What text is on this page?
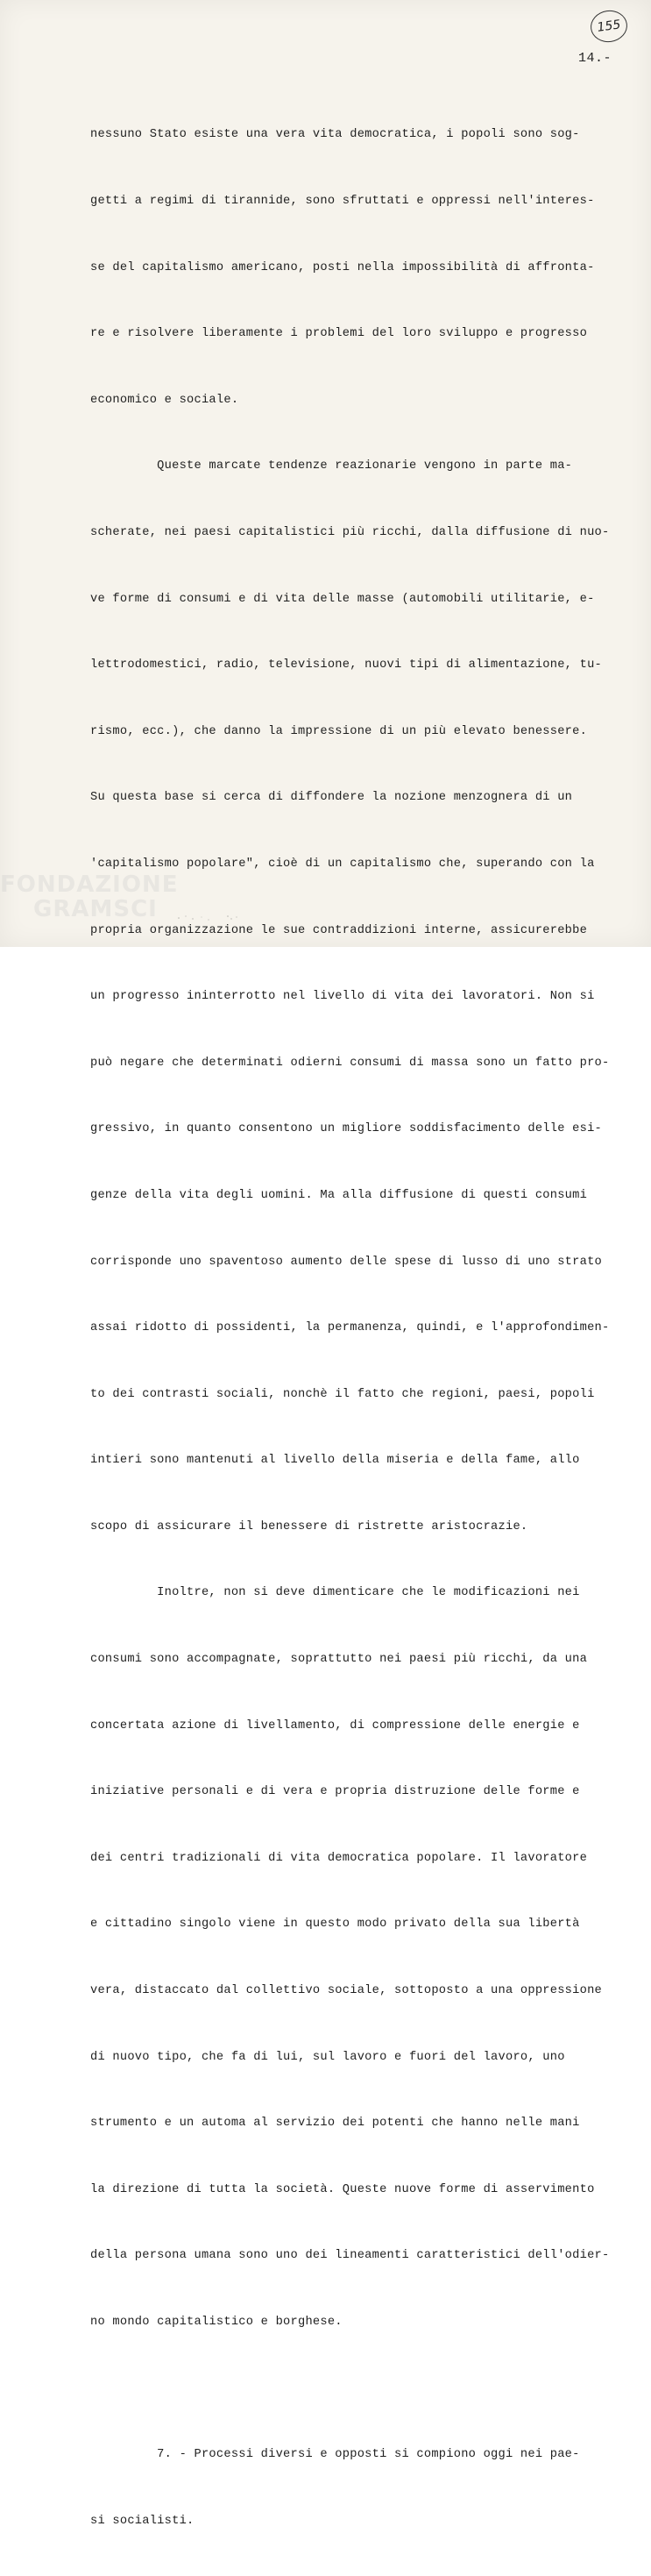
155
14.-

nessuno Stato esiste una vera vita democratica, i popoli sono sog-

getti a regimi di tirannide, sono sfruttati e oppressi nell'interes-

se del capitalismo americano, posti nella impossibilità di affronta-

re e risolvere liberamente i problemi del loro sviluppo e progresso

economico e sociale.

Queste marcate tendenze reazionarie vengono in parte ma-

scherate, nei paesi capitalistici più ricchi, dalla diffusione di nuo-

ve forme di consumi e di vita delle masse (automobili utilitarie, e-

lettrodomestici, radio, televisione, nuovi tipi di alimentazione, tu-

rismo, ecc.), che danno la impressione di un più elevato benessere.

Su questa base si cerca di diffondere la nozione menzognera di un

'capitalismo popolare", cioè di un capitalismo che, superando con la

propria organizzazione le sue contraddizioni interne, assicurerebbe

un progresso ininterrotto nel livello di vita dei lavoratori. Non si

può negare che determinati odierni consumi di massa sono un fatto pro-

gressivo, in quanto consentono un migliore soddisfacimento delle esi-

genze della vita degli uomini. Ma alla diffusione di questi consumi

corrisponde uno spaventoso aumento delle spese di lusso di uno strato

assai ridotto di possidenti, la permanenza, quindi, e l'approfondimen-

to dei contrasti sociali, nonchè il fatto che regioni, paesi, popoli

intieri sono mantenuti al livello della miseria e della fame, allo

scopo di assicurare il benessere di ristrette aristocrazie.

Inoltre, non si deve dimenticare che le modificazioni nei

consumi sono accompagnate, soprattutto nei paesi più ricchi, da una

concertata azione di livellamento, di compressione delle energie e

iniziative personali e di vera e propria distruzione delle forme e

dei centri tradizionali di vita democratica popolare. Il lavoratore

e cittadino singolo viene in questo modo privato della sua libertà

vera, distaccato dal collettivo sociale, sottoposto a una oppressione

di nuovo tipo, che fa di lui, sul lavoro e fuori del lavoro, uno

strumento e un automa al servizio dei potenti che hanno nelle mani

la direzione di tutta la società. Queste nuove forme di asservimento

della persona umana sono uno dei lineamenti caratteristici dell'odier-

no mondo capitalistico e borghese.

7. - Processi diversi e opposti si compiono oggi nei pae-

si socialisti.

FONDAZIONE
GRAMSCI
